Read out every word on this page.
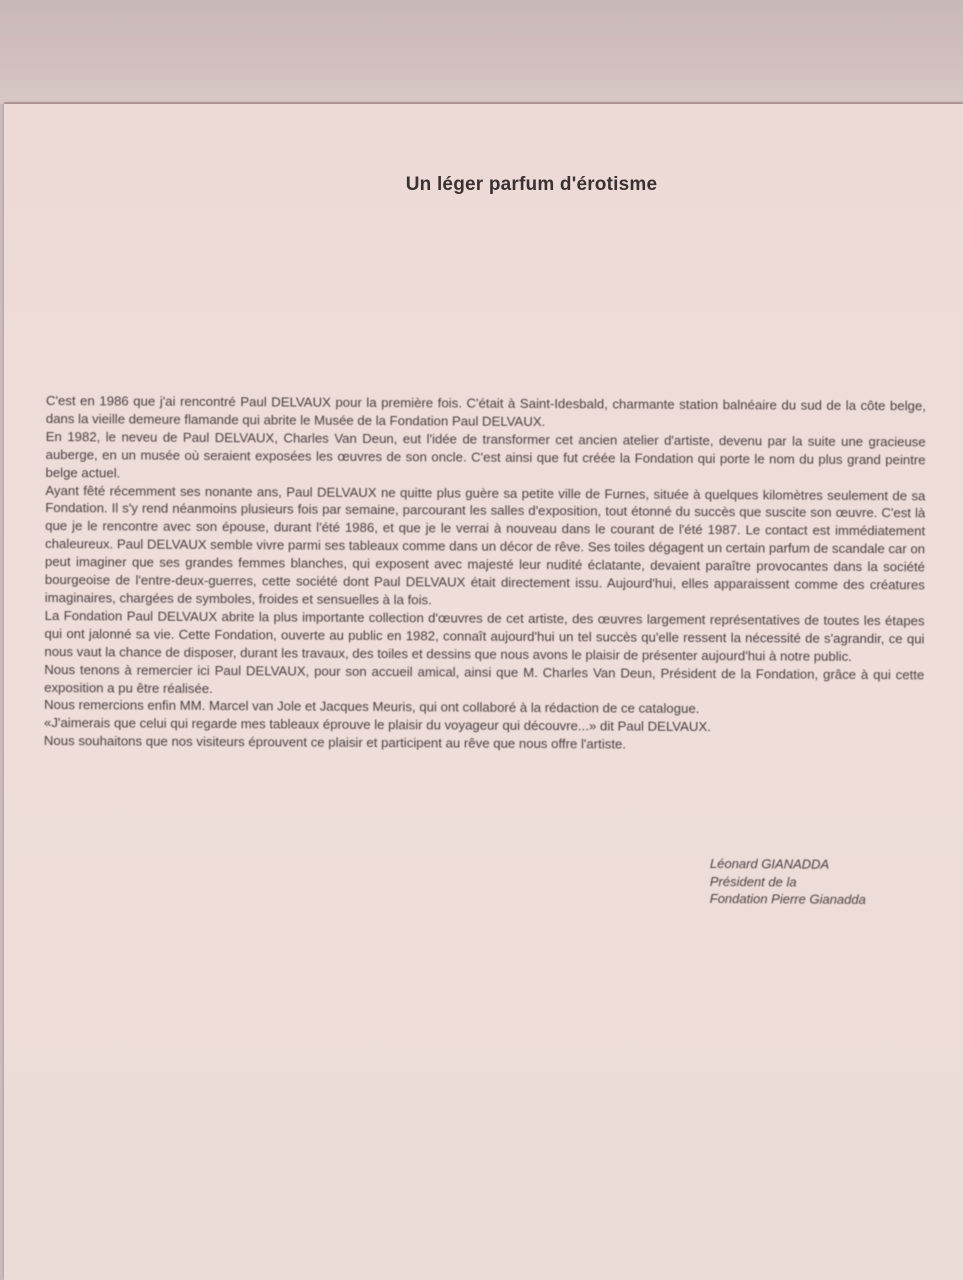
Un léger parfum d'érotisme

C'est en 1986 que j'ai rencontré Paul DELVAUX pour la première fois. C'était à Saint-Idesbald, charmante station balnéaire du sud de la côte belge, dans la vieille demeure flamande qui abrite le Musée de la Fondation Paul DELVAUX.

En 1982, le neveu de Paul DELVAUX, Charles Van Deun, eut l'idée de transformer cet ancien atelier d'artiste, devenu par la suite une gracieuse auberge, en un musée où seraient exposées les œuvres de son oncle. C'est ainsi que fut créée la Fondation qui porte le nom du plus grand peintre belge actuel.

Ayant fêté récemment ses nonante ans, Paul DELVAUX ne quitte plus guère sa petite ville de Furnes, située à quelques kilomètres seulement de sa Fondation. Il s'y rend néanmoins plusieurs fois par semaine, parcourant les salles d'exposition, tout étonné du succès que suscite son œuvre. C'est là que je le rencontre avec son épouse, durant l'été 1986, et que je le verrai à nouveau dans le courant de l'été 1987. Le contact est immédiatement chaleureux. Paul DELVAUX semble vivre parmi ses tableaux comme dans un décor de rêve. Ses toiles dégagent un certain parfum de scandale car on peut imaginer que ses grandes femmes blanches, qui exposent avec majesté leur nudité éclatante, devaient paraître provocantes dans la société bourgeoise de l'entre-deux-guerres, cette société dont Paul DELVAUX était directement issu. Aujourd'hui, elles apparaissent comme des créatures imaginaires, chargées de symboles, froides et sensuelles à la fois.

La Fondation Paul DELVAUX abrite la plus importante collection d'œuvres de cet artiste, des œuvres largement représentatives de toutes les étapes qui ont jalonné sa vie. Cette Fondation, ouverte au public en 1982, connaît aujourd'hui un tel succès qu'elle ressent la nécessité de s'agrandir, ce qui nous vaut la chance de disposer, durant les travaux, des toiles et dessins que nous avons le plaisir de présenter aujourd'hui à notre public.

Nous tenons à remercier ici Paul DELVAUX, pour son accueil amical, ainsi que M. Charles Van Deun, Président de la Fondation, grâce à qui cette exposition a pu être réalisée.

Nous remercions enfin MM. Marcel van Jole et Jacques Meuris, qui ont collaboré à la rédaction de ce catalogue.

«J'aimerais que celui qui regarde mes tableaux éprouve le plaisir du voyageur qui découvre...» dit Paul DELVAUX.

Nous souhaitons que nos visiteurs éprouvent ce plaisir et participent au rêve que nous offre l'artiste.

Léonard GIANADDA
Président de la
Fondation Pierre Gianadda
